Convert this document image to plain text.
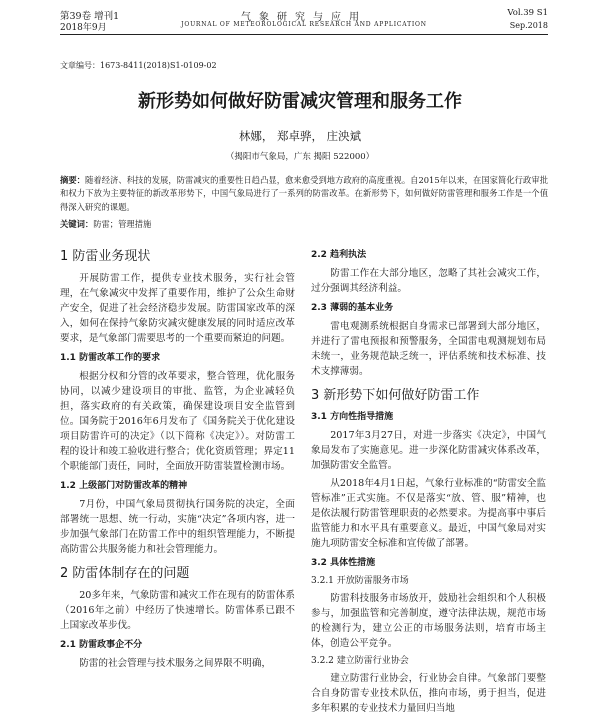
第39卷 增刊1
2018年9月
气象研究与应用
JOURNAL OF METEOROLOGICAL RESEARCH AND APPLICATION
Vol.39 S1
Sep.2018
文章编号：1673-8411(2018)S1-0109-02
新形势如何做好防雷减灾管理和服务工作
林娜， 郑卓骅， 庄泱斌
（揭阳市气象局，广东 揭阳 522000）
摘要：随着经济、科技的发展，防雷减灾的重要性日趋凸显，愈来愈受到地方政府的高度重视。自2015年以来，在国家简化行政审批和权力下放为主要特征的新改革形势下，中国气象局进行了一系列的防雷改革。在新形势下，如何做好防雷管理和服务工作是一个值得深入研究的课题。
关键词：防雷；管理措施
1 防雷业务现状
开展防雷工作，提供专业技术服务，实行社会管理，在气象减灾中发挥了重要作用，维护了公众生命财产安全，促进了社会经济稳步发展。防雷国家改革的深入，如何在保持气象防灾减灾健康发展的同时适应改革要求，是气象部门需要思考的一个重要而紧迫的问题。
1.1 防雷改革工作的要求
根据分权和分管的改革要求，整合管理，优化服务协同，以减少建设项目的审批、监管，为企业减轻负担，落实政府的有关政策，确保建设项目安全监管到位。国务院于2016年6月发布了《国务院关于优化建设项目防雷许可的决定》（以下简称《决定》）。对防雷工程的设计和竣工验收进行整合；优化资质管理；界定11个职能部门责任，同时，全面放开防雷装置检测市场。
1.2 上级部门对防雷改革的精神
7月份，中国气象局贯彻执行国务院的决定，全面部署统一思想、统一行动，实施“决定”各项内容，进一步加强气象部门在防雷工作中的组织管理能力，不断提高防雷公共服务能力和社会管理能力。
2 防雷体制存在的问题
20多年来，气象防雷和减灾工作在现有的防雷体系（2016年之前）中经历了快速增长。防雷体系已跟不上国家改革步伐。
2.1 防雷政事企不分
防雷的社会管理与技术服务之间界限不明确，
2.2 趋利执法
防雷工作在大部分地区，忽略了其社会减灾工作，过分强调其经济利益。
2.3 薄弱的基本业务
雷电观测系统根据自身需求已部署到大部分地区，并进行了雷电预报和预警服务，全国雷电观测规划布局未统一，业务规范缺乏统一，评估系统和技术标准、技术支撑薄弱。
3 新形势下如何做好防雷工作
3.1 方向性指导措施
2017年3月27日，对进一步落实《决定》，中国气象局发布了实施意见。进一步深化防雷减灾体系改革，加强防雷安全监管。
从2018年4月1日起，气象行业标准的“防雷安全监管标准”正式实施。不仅是落实“放、管、服”精神，也是依法履行防雷管理职责的必然要求。为提高事中事后监管能力和水平具有重要意义。最近，中国气象局对实施九项防雷安全标准和宣传做了部署。
3.2 具体性措施
3.2.1 开放防雷服务市场
防雷科技服务市场放开，鼓励社会组织和个人积极参与，加强监管和完善制度，遵守法律法规，规范市场的检测行为，建立公正的市场服务法则，培育市场主体，创造公平竞争。
3.2.2 建立防雷行业协会
建立防雷行业协会，行业协会自律。气象部门要整合自身防雷专业技术队伍，推向市场，勇于担当，促进多年积累的专业技术力量回归当地
